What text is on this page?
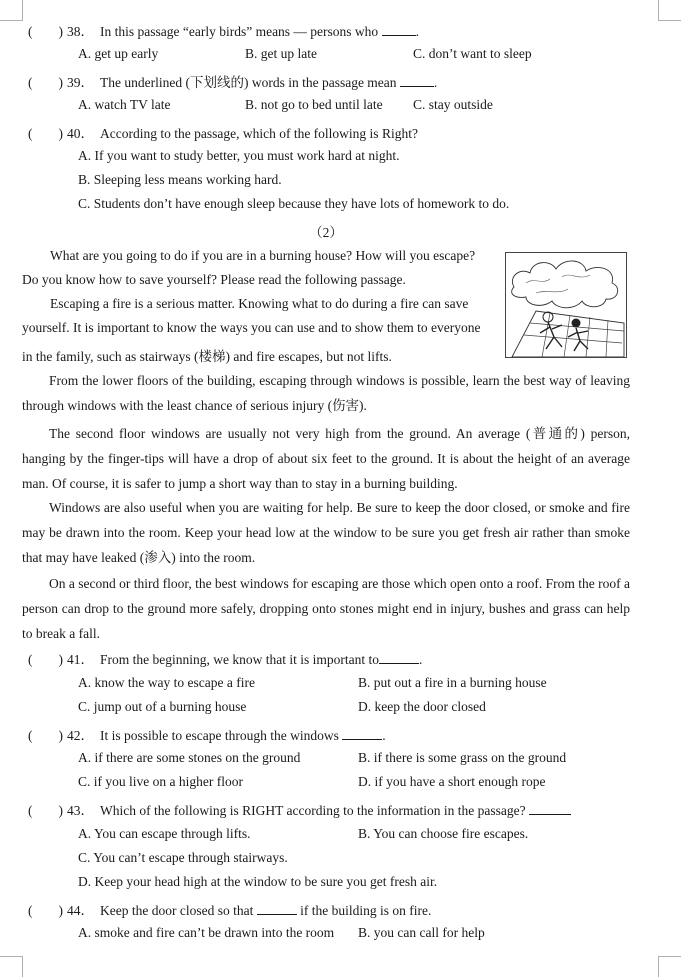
( ) 38． In this passage “early birds” means — persons who	.
A. get up early	B. get up late	C. don’t want to sleep
( ) 39． The underlined (下划线的) words in the passage mean	.
A. watch TV late	B. not go to bed until late C. stay outside
( ) 40． According to the passage, which of the following is Right?
A. If you want to study better, you must work hard at night.
B. Sleeping less means working hard.
C. Students don’t have enough sleep because they have lots of homework to do.
（2）
What are you going to do if you are in a burning house? How will you escape?
Do you know how to save yourself? Please read the following passage.
Escaping a fire is a serious matter. Knowing what to do during a fire can save
yourself. It is important to know the ways you can use and to show them to everyone
in the family, such as stairways (楼梯) and fire escapes, but not lifts.
From the lower floors of the building, escaping through windows is possible, learn the best way of leaving through windows with the least chance of serious injury (伤害).
The second floor windows are usually not very high from the ground. An average (普通的) person, hanging by the finger-tips will have a drop of about six feet to the ground. It is about the height of an average man. Of course, it is safer to jump a short way than to stay in a burning building.
Windows are also useful when you are waiting for help. Be sure to keep the door closed, or smoke and fire may be drawn into the room. Keep your head low at the window to be sure you get fresh air rather than smoke that may have leaked (渗入) into the room.
On a second or third floor, the best windows for escaping are those which open onto a roof. From the roof a person can drop to the ground more safely, dropping onto stones might end in injury, bushes and grass can help to break a fall.
( ) 41． From the beginning, we know that it is important to	.
A. know the way to escape a fire	B. put out a fire in a burning house
C. jump out of a burning house	D. keep the door closed
( ) 42． It is possible to escape through the windows	.
A. if there are some stones on the ground	B. if there is some grass on the ground
C. if you live on a higher floor	D. if you have a short enough rope
( ) 43． Which of the following is RIGHT according to the information in the passage?
A. You can escape through lifts.	B. You can choose fire escapes.
C. You can’t escape through stairways.
D. Keep your head high at the window to be sure you get fresh air.
( ) 44． Keep the door closed so that	if the building is on fire.
A. smoke and fire can’t be drawn into the room B. you can call for help
